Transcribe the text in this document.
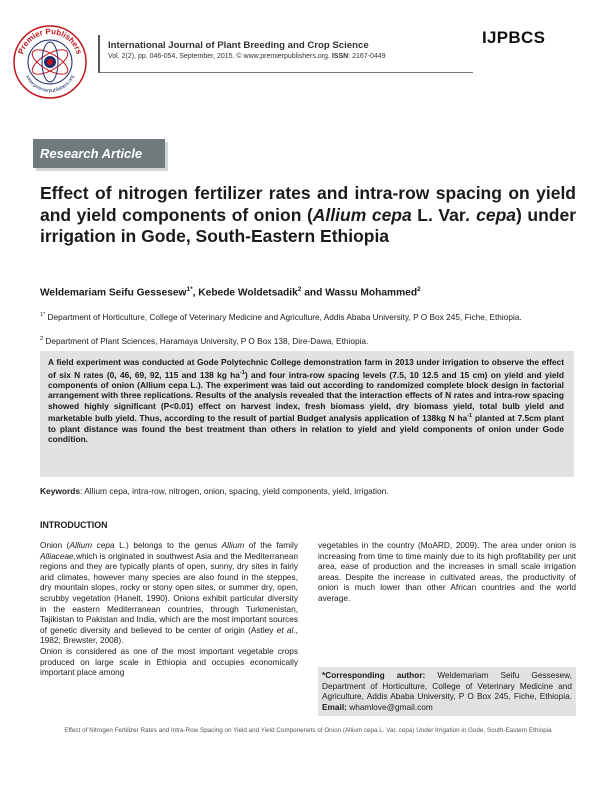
Premier Publishers
www.premierpublishers.org
International Journal of Plant Breeding and Crop Science
Vol. 2(2), pp. 046-054, September, 2015. © www.premierpublishers.org. ISSN: 2167-0449
IJPBCS
Research Article
Effect of nitrogen fertilizer rates and intra-row spacing on yield and yield components of onion (Allium cepa L. Var. cepa) under irrigation in Gode, South-Eastern Ethiopia
Weldemariam Seifu Gessesew$^{1*}$, Kebede Woldetsadik$^2$ and Wassu Mohammed$^2$
$^{1*}$ Department of Horticulture, College of Veterinary Medicine and Agriculture, Addis Ababa University, P O Box 245, Fiche, Ethiopia.
$^2$ Department of Plant Sciences, Haramaya University, P O Box 138, Dire-Dawa, Ethiopia.

A field experiment was conducted at Gode Polytechnic College demonstration farm in 2013 under irrigation to observe the effect of six N rates (0, 46, 69, 92, 115 and 138 kg $ha^{-1}$) and four intra-row spacing levels (7.5, 10 12.5 and 15 cm) on yield and yield components of onion (Allium cepa L.). The experiment was laid out according to randomized complete block design in factorial arrangement with three replications. Results of the analysis revealed that the interaction effects of N rates and intra-row spacing showed highly significant (P<0.01) effect on harvest index, fresh biomass yield, dry biomass yield, total bulb yield and marketable bulb yield. Thus, according to the result of partial Budget analysis application of 138kg N $ha^{-1}$ planted at 7.5cm plant to plant distance was found the best treatment than others in relation to yield and yield components of onion under Gode condition.

Keywords: Allium cepa, intra-row, nitrogen, onion, spacing, yield components, yield, irrigation.
INTRODUCTION

Onion (Allium cepa L.) belongs to the genus Allium of the family Alliaceae,which is originated in southwest Asia and the Mediterranean regions and they are typically plants of open, sunny, dry sites in fairly arid climates, however many species are also found in the steppes, dry mountain slopes, rocky or stony open sites, or summer dry, open, scrubby vegetation (Hanelt, 1990). Onions exhibit particular diversity in the eastern Mediterranean countries, through Turkmenistan, Tajikistan to Pakistan and India, which are the most important sources of genetic diversity and believed to be center of origin (Astley et al., 1982; Brewster, 2008).

Onion is considered as one of the most important vegetable crops produced on large scale in Ethiopia and occupies economically important place among

vegetables in the country (MoARD, 2009). The area under onion is increasing from time to time mainly due to its high profitability per unit area, ease of production and the increases in small scale irrigation areas. Despite the increase in cultivated areas, the productivity of onion is much lower than other African countries and the world average.

*Corresponding author: Weldemariam Seifu Gessesew, Department of Horticulture, College of Veterinary Medicine and Agriculture, Addis Ababa University, P O Box 245, Fiche, Ethiopia. Email: whamlove@gmail.com
Effect of Nitrogen Fertilizer Rates and Intra-Row Spacing on Yield and Yield Componenets of Onion (Allium cepa L. Var. cepa) Under Irrigation in Gode, South-Eastern Ethiopia
